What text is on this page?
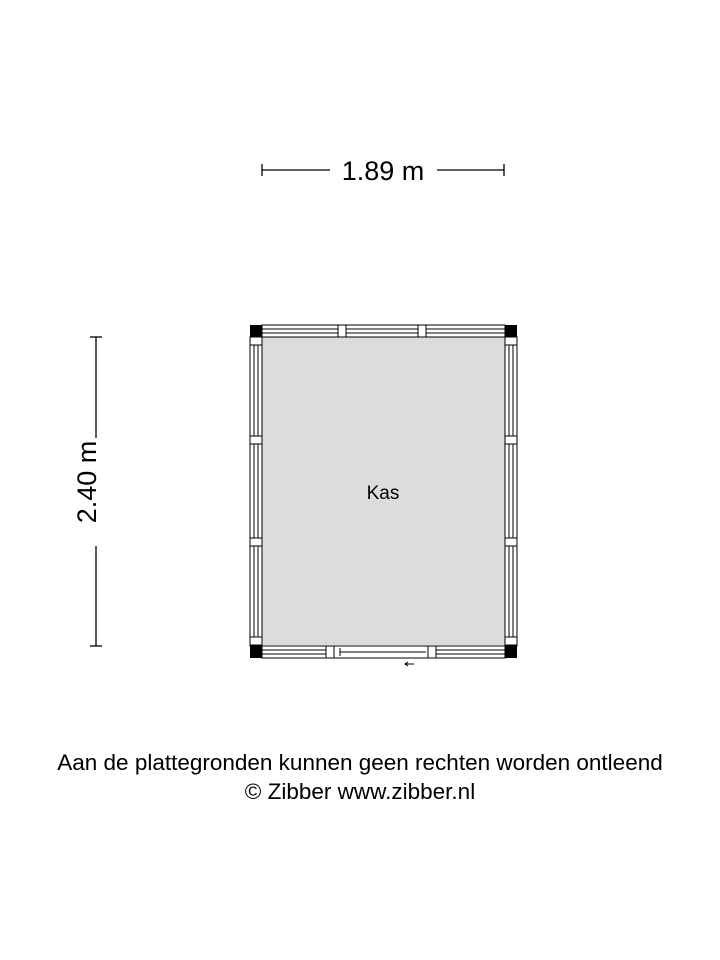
1.89 m
2.40 m	Kas
Aan de plattegronden kunnen geen rechten worden ontleend
© Zibber www.zibber.nl
